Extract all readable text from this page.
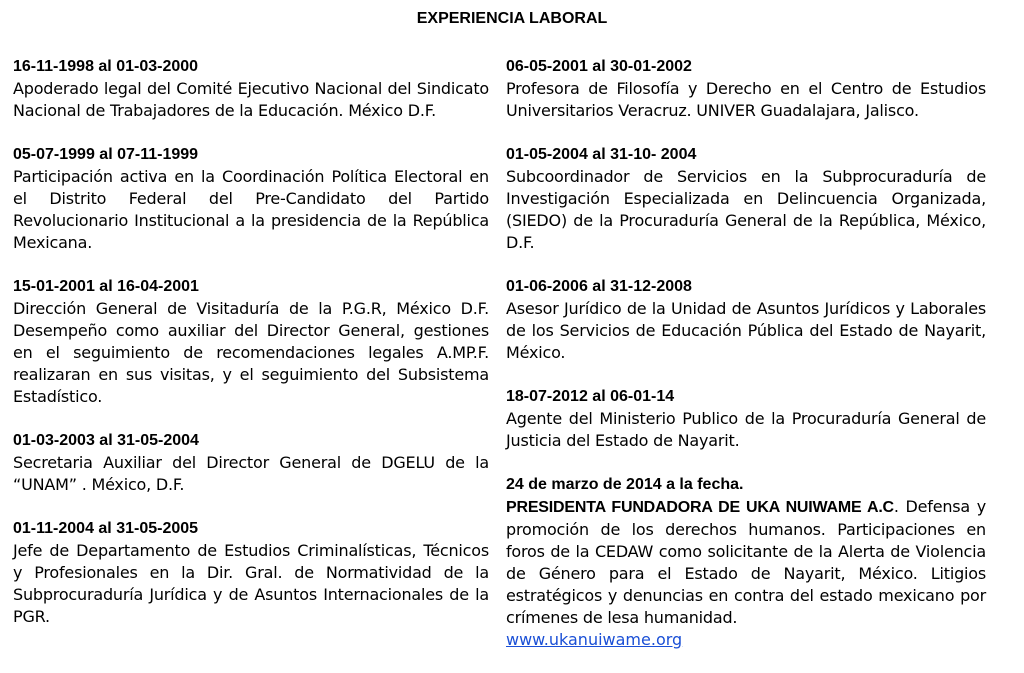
EXPERIENCIA LABORAL

16-11-1998 al 01-03-2000

Apoderado legal del Comité Ejecutivo Nacional del Sindicato Nacional de Trabajadores de la Educación. México D.F.

05-07-1999 al 07-11-1999

Participación activa en la Coordinación Política Electoral en el Distrito Federal del Pre-Candidato del Partido Revolucionario Institucional a la presidencia de la República Mexicana.

15-01-2001 al 16-04-2001

Dirección General de Visitaduría de la P.G.R, México D.F. Desempeño como auxiliar del Director General, gestiones en el seguimiento de recomendaciones legales A.MP.F. realizaran en sus visitas, y el seguimiento del Subsistema Estadístico.

01-03-2003 al 31-05-2004

Secretaria Auxiliar del Director General de DGELU de la “UNAM” . México, D.F.

01-11-2004 al 31-05-2005

Jefe de Departamento de Estudios Criminalísticas, Técnicos y Profesionales en la Dir. Gral. de Normatividad de la Subprocuraduría Jurídica y de Asuntos Internacionales de la PGR.

06-05-2001 al 30-01-2002

Profesora de Filosofía y Derecho en el Centro de Estudios Universitarios Veracruz. UNIVER Guadalajara, Jalisco.

01-05-2004 al 31-10- 2004

Subcoordinador de Servicios en la Subprocuraduría de Investigación Especializada en Delincuencia Organizada, (SIEDO) de la Procuraduría General de la República, México, D.F.

01-06-2006 al 31-12-2008

Asesor Jurídico de la Unidad de Asuntos Jurídicos y Laborales de los Servicios de Educación Pública del Estado de Nayarit, México.

18-07-2012 al 06-01-14

Agente del Ministerio Publico de la Procuraduría General de Justicia del Estado de Nayarit.

24 de marzo de 2014 a la fecha.

PRESIDENTA FUNDADORA DE UKA NUIWAME A.C. Defensa y promoción de los derechos humanos. Participaciones en foros de la CEDAW como solicitante de la Alerta de Violencia de Género para el Estado de Nayarit, México. Litigios estratégicos y denuncias en contra del estado mexicano por crímenes de lesa humanidad.

www.ukanuiwame.org
